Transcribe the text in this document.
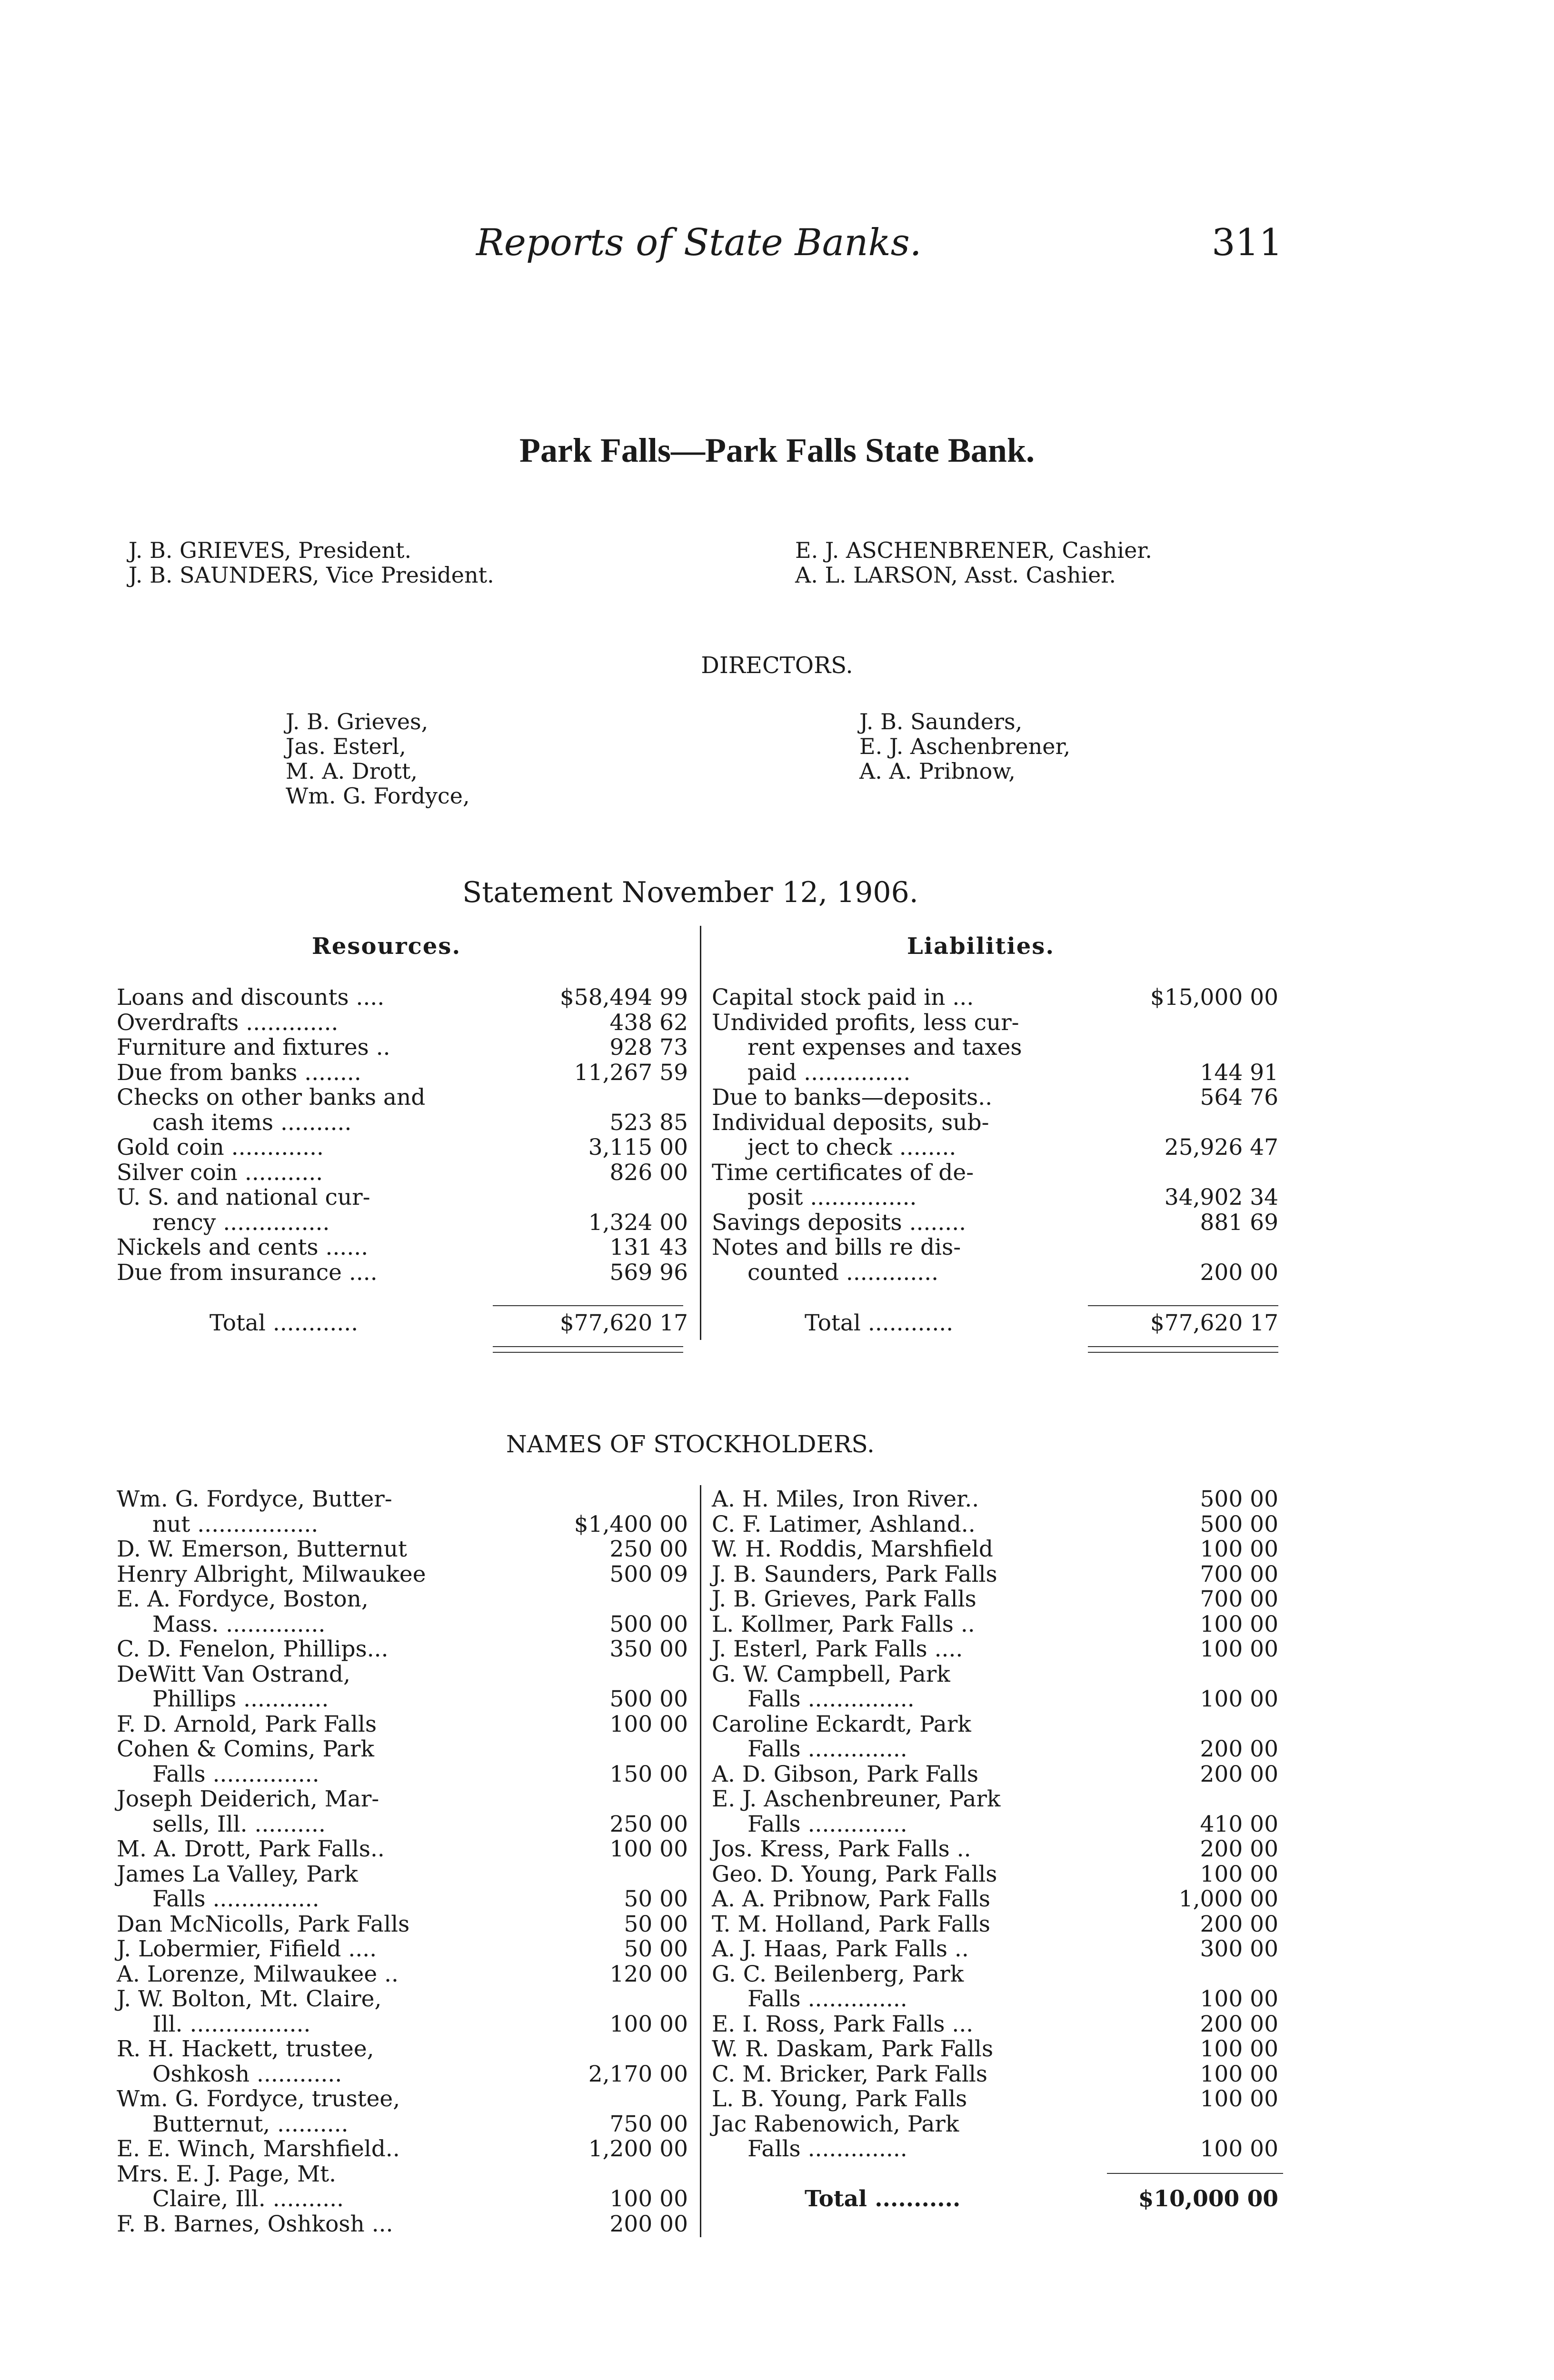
Reports of State Banks.	311
Park Falls—Park Falls State Bank.
J. B. GRIEVES, President.
J. B. SAUNDERS, Vice President.
E. J. ASCHENBRENER, Cashier.
A. L. LARSON, Asst. Cashier.
DIRECTORS.
J. B. Grieves,
Jas. Esterl,
M. A. Drott,
Wm. G. Fordyce,
J. B. Saunders,
E. J. Aschenbrener,
A. A. Pribnow,
Statement November 12, 1906.
Resources.	Liabilities.
Loans and discounts ....	$58,494 99
Overdrafts .............	438 62
Furniture and fixtures ..	928 73
Due from banks ........	11,267 59
Checks on other banks and
cash items ..........	523 85
Gold coin .............	3,115 00
Silver coin ...........	826 00
U. S. and national cur-
rency ...............	1,324 00
Nickels and cents ......	131 43
Due from insurance ....	569 96
Capital stock paid in ...	$15,000 00
Undivided profits, less cur-
rent expenses and taxes
paid ...............	144 91
Due to banks—deposits..	564 76
Individual deposits, sub-
ject to check ........	25,926 47
Time certificates of de-
posit ...............	34,902 34
Savings deposits ........	881 69
Notes and bills re dis-
counted .............	200 00
Total ............	$77,620 17	Total ............	$77,620 17
NAMES OF STOCKHOLDERS.
Wm. G. Fordyce, Butter-
nut .................	$1,400 00
D. W. Emerson, Butternut	250 00
Henry Albright, Milwaukee	500 09
E. A. Fordyce, Boston,
Mass. ..............	500 00
C. D. Fenelon, Phillips...	350 00
DeWitt Van Ostrand,
Phillips ............	500 00
F. D. Arnold, Park Falls	100 00
Cohen & Comins, Park
Falls ...............	150 00
Joseph Deiderich, Mar-
sells, Ill. ..........	250 00
M. A. Drott, Park Falls..	100 00
James La Valley, Park
Falls ...............	50 00
Dan McNicolls, Park Falls	50 00
J. Lobermier, Fifield ....	50 00
A. Lorenze, Milwaukee ..	120 00
J. W. Bolton, Mt. Claire,
Ill. .................	100 00
R. H. Hackett, trustee,
Oshkosh ............	2,170 00
Wm. G. Fordyce, trustee,
Butternut, ..........	750 00
E. E. Winch, Marshfield..	1,200 00
Mrs. E. J. Page, Mt.
Claire, Ill. ..........	100 00
F. B. Barnes, Oshkosh ...	200 00
A. H. Miles, Iron River..	500 00
C. F. Latimer, Ashland..	500 00
W. H. Roddis, Marshfield	100 00
J. B. Saunders, Park Falls	700 00
J. B. Grieves, Park Falls	700 00
L. Kollmer, Park Falls ..	100 00
J. Esterl, Park Falls ....	100 00
G. W. Campbell, Park
Falls ...............	100 00
Caroline Eckardt, Park
Falls ..............	200 00
A. D. Gibson, Park Falls	200 00
E. J. Aschenbreuner, Park
Falls ..............	410 00
Jos. Kress, Park Falls ..	200 00
Geo. D. Young, Park Falls	100 00
A. A. Pribnow, Park Falls	1,000 00
T. M. Holland, Park Falls	200 00
A. J. Haas, Park Falls ..	300 00
G. C. Beilenberg, Park
Falls ..............	100 00
E. I. Ross, Park Falls ...	200 00
W. R. Daskam, Park Falls	100 00
C. M. Bricker, Park Falls	100 00
L. B. Young, Park Falls	100 00
Jac Rabenowich, Park
Falls ..............	100 00
Total ...........	$10,000 00
